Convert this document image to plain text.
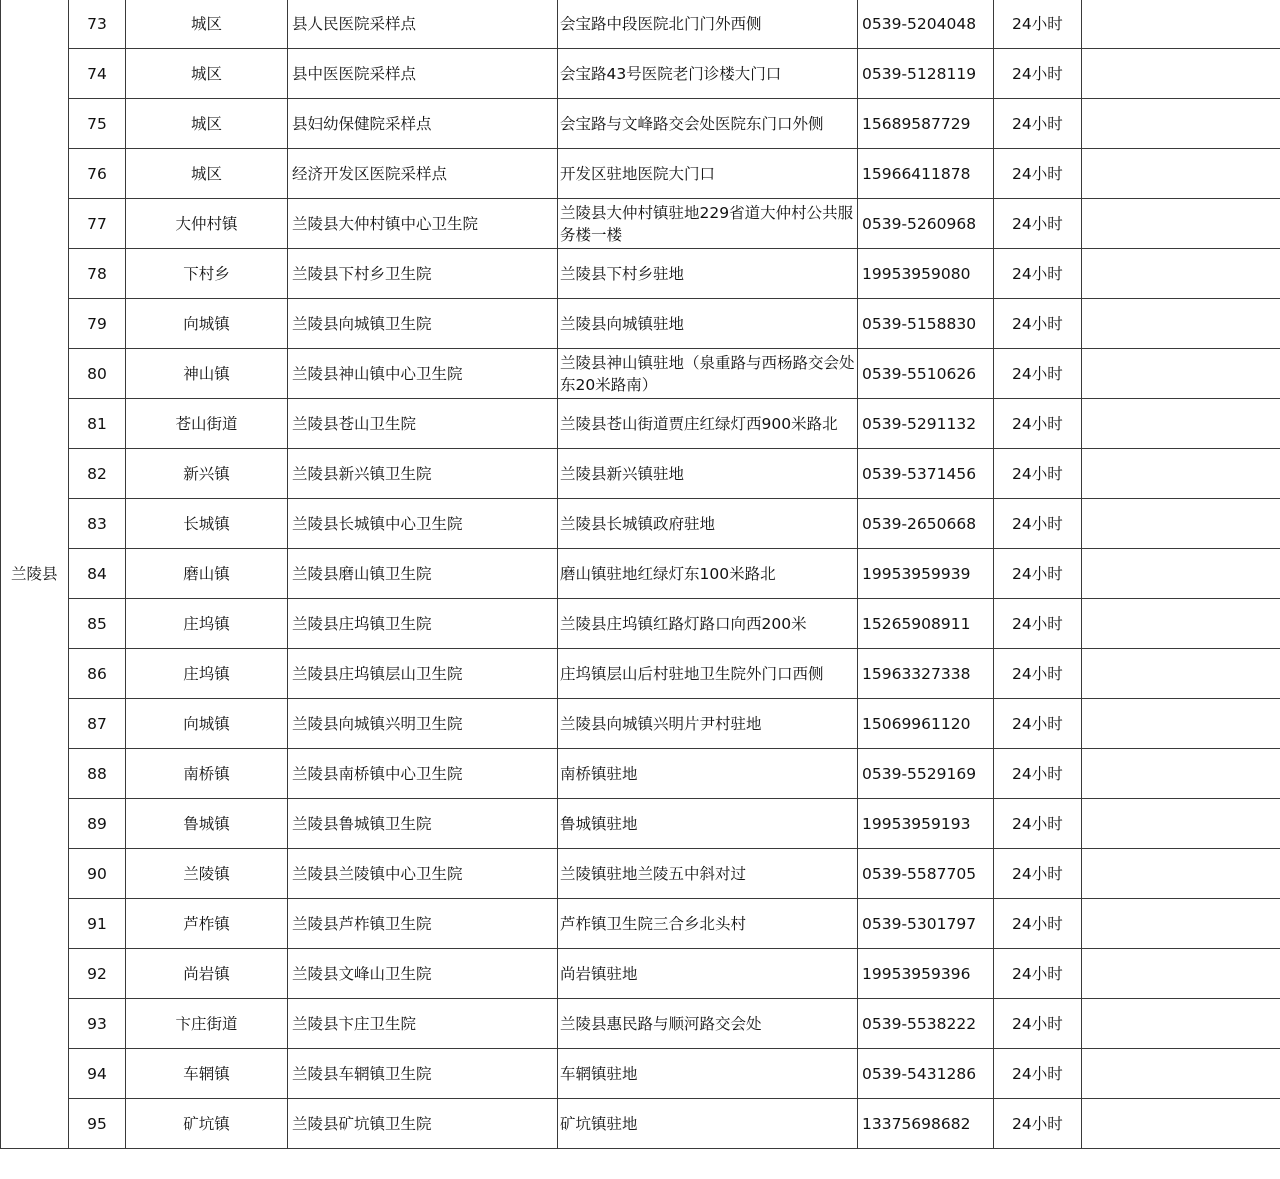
兰陵县	73	城区	县人民医院采样点	会宝路中段医院北门门外西侧	0539-5204048	24小时	
	74	城区	县中医医院采样点	会宝路43号医院老门诊楼大门口	0539-5128119	24小时	
	75	城区	县妇幼保健院采样点	会宝路与文峰路交会处医院东门口外侧	15689587729	24小时	
	76	城区	经济开发区医院采样点	开发区驻地医院大门口	15966411878	24小时	
	77	大仲村镇	兰陵县大仲村镇中心卫生院	兰陵县大仲村镇驻地229省道大仲村公共服务楼一楼	0539-5260968	24小时	
	78	下村乡	兰陵县下村乡卫生院	兰陵县下村乡驻地	19953959080	24小时	
	79	向城镇	兰陵县向城镇卫生院	兰陵县向城镇驻地	0539-5158830	24小时	
	80	神山镇	兰陵县神山镇中心卫生院	兰陵县神山镇驻地（泉重路与西杨路交会处东20米路南）	0539-5510626	24小时	
	81	苍山街道	兰陵县苍山卫生院	兰陵县苍山街道贾庄红绿灯西900米路北	0539-5291132	24小时	
	82	新兴镇	兰陵县新兴镇卫生院	兰陵县新兴镇驻地	0539-5371456	24小时	
	83	长城镇	兰陵县长城镇中心卫生院	兰陵县长城镇政府驻地	0539-2650668	24小时	
	84	磨山镇	兰陵县磨山镇卫生院	磨山镇驻地红绿灯东100米路北	19953959939	24小时	
	85	庄坞镇	兰陵县庄坞镇卫生院	兰陵县庄坞镇红路灯路口向西200米	15265908911	24小时	
	86	庄坞镇	兰陵县庄坞镇层山卫生院	庄坞镇层山后村驻地卫生院外门口西侧	15963327338	24小时	
	87	向城镇	兰陵县向城镇兴明卫生院	兰陵县向城镇兴明片尹村驻地	15069961120	24小时	
	88	南桥镇	兰陵县南桥镇中心卫生院	南桥镇驻地	0539-5529169	24小时	
	89	鲁城镇	兰陵县鲁城镇卫生院	鲁城镇驻地	19953959193	24小时	
	90	兰陵镇	兰陵县兰陵镇中心卫生院	兰陵镇驻地兰陵五中斜对过	0539-5587705	24小时	
	91	芦柞镇	兰陵县芦柞镇卫生院	芦柞镇卫生院三合乡北头村	0539-5301797	24小时	
	92	尚岩镇	兰陵县文峰山卫生院	尚岩镇驻地	19953959396	24小时	
	93	卞庄街道	兰陵县卞庄卫生院	兰陵县惠民路与顺河路交会处	0539-5538222	24小时	
	94	车辋镇	兰陵县车辋镇卫生院	车辋镇驻地	0539-5431286	24小时	
	95	矿坑镇	兰陵县矿坑镇卫生院	矿坑镇驻地	13375698682	24小时	
